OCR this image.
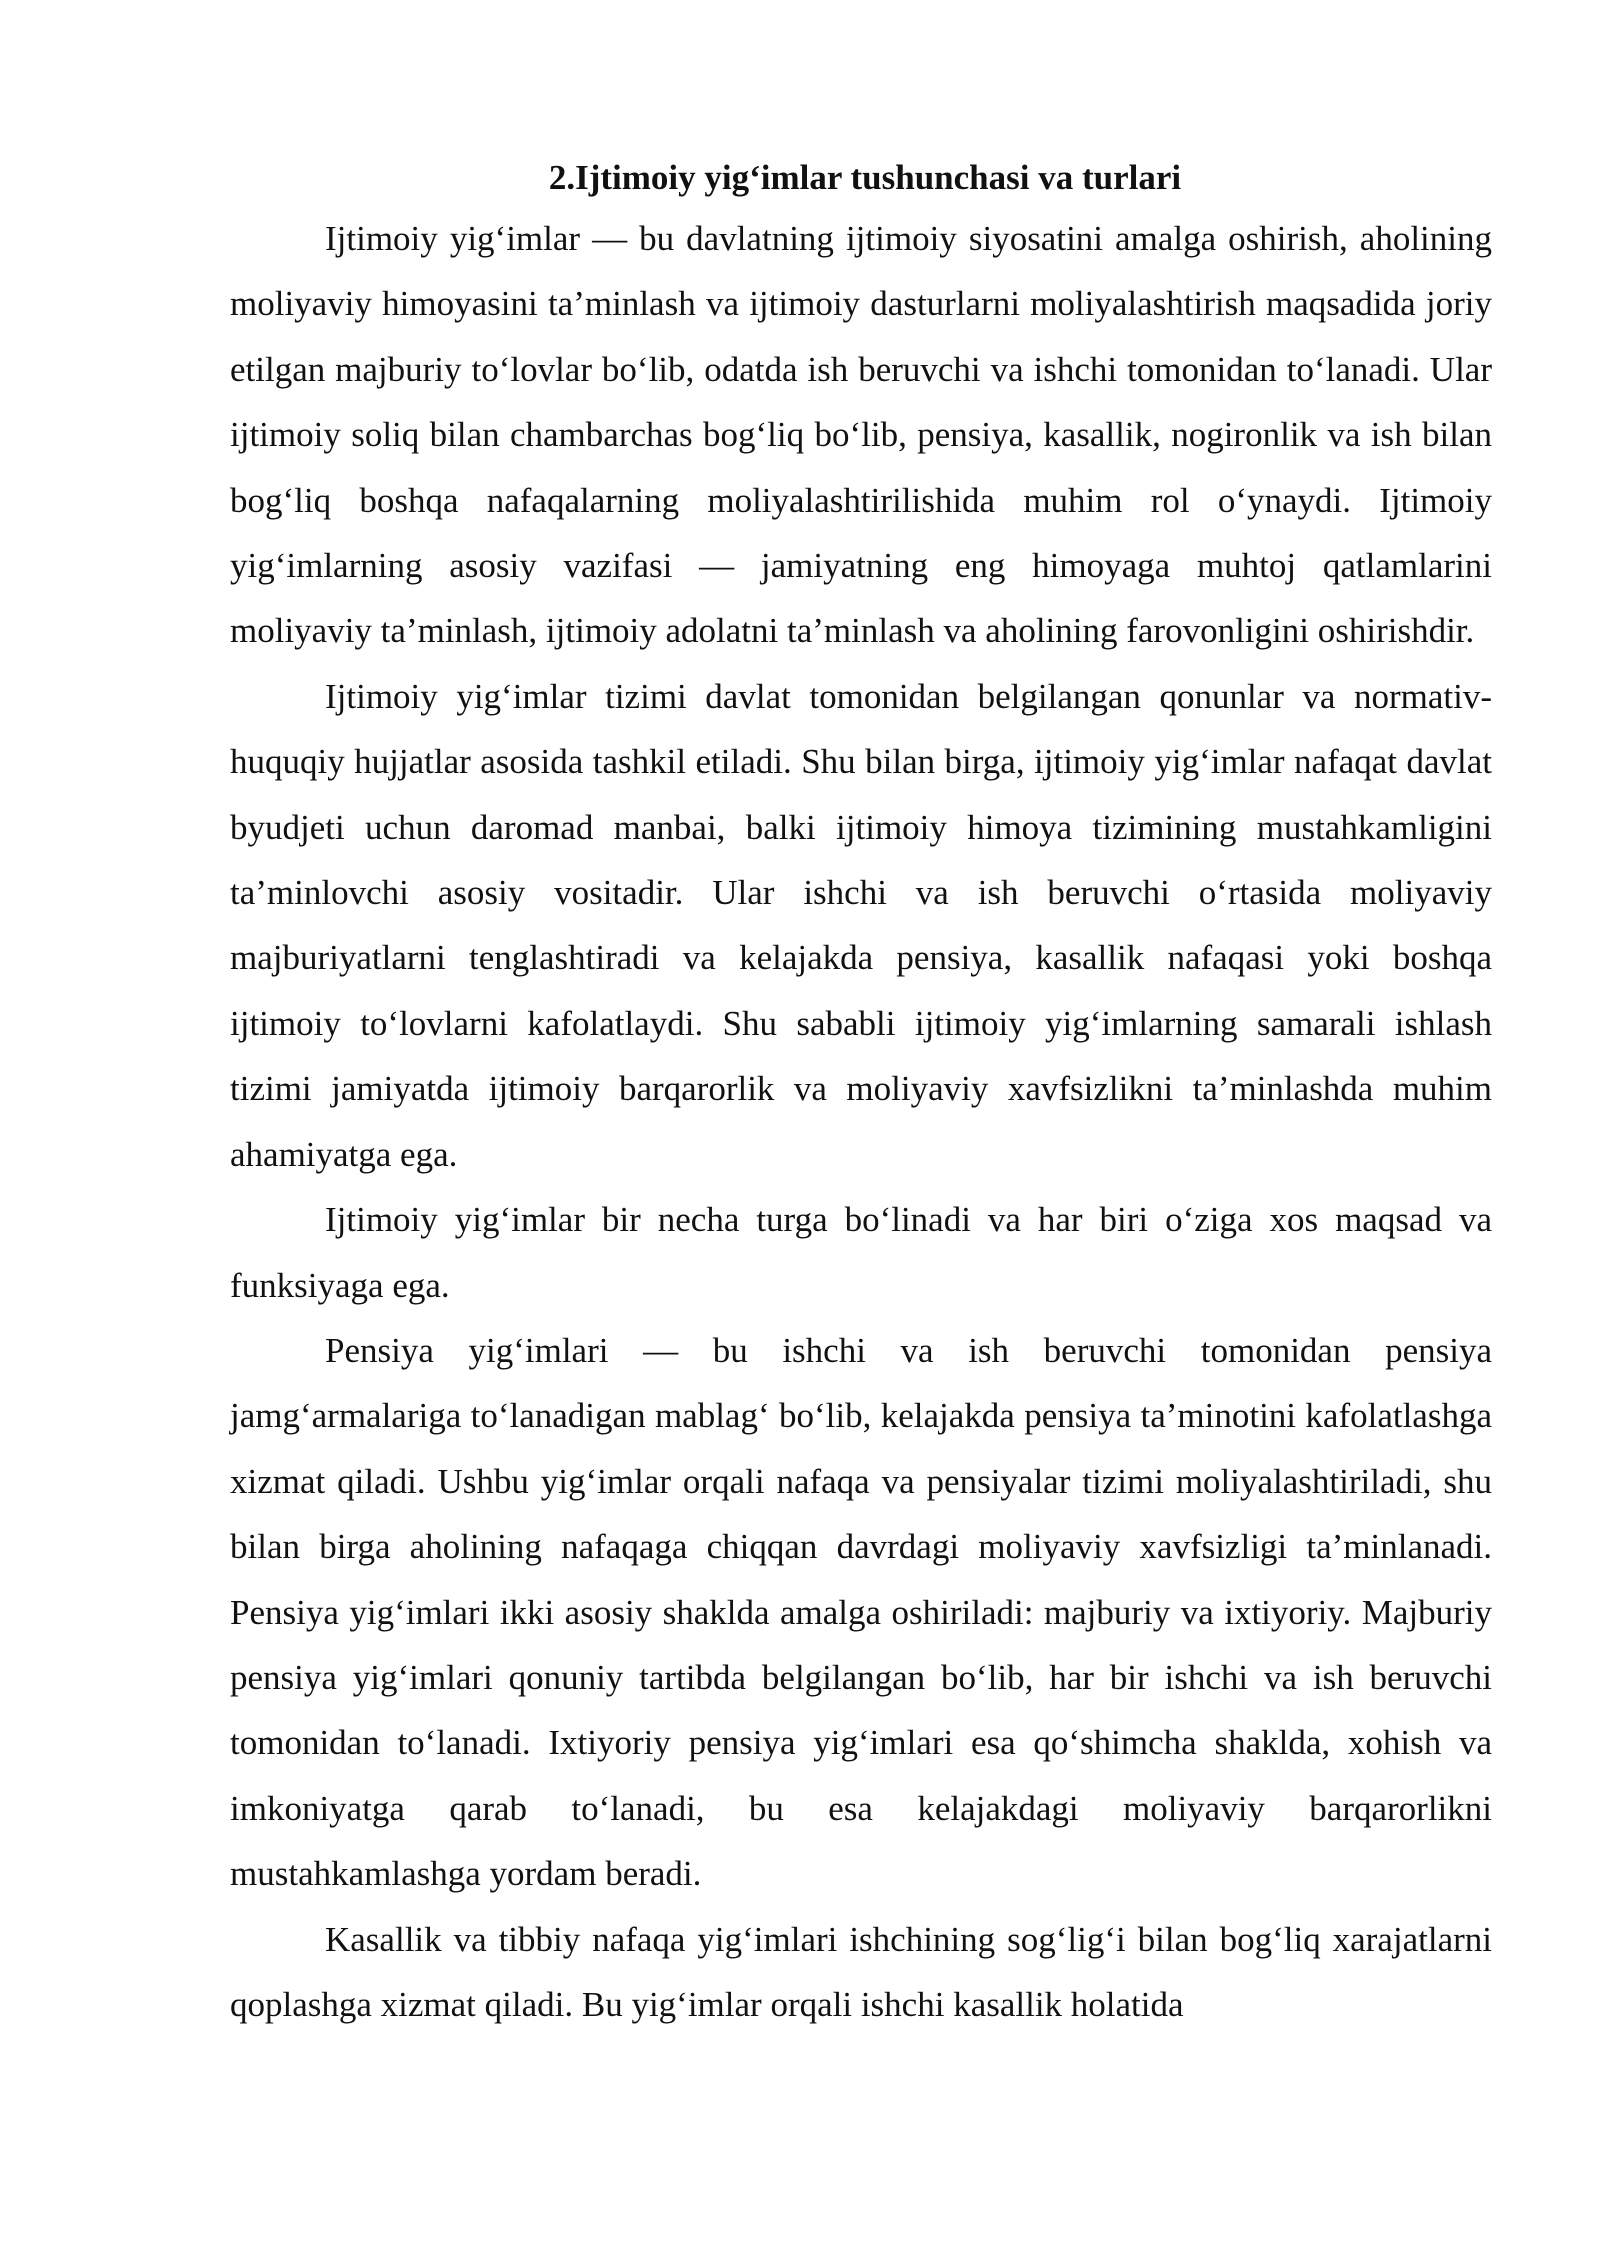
2.Ijtimoiy yig‘imlar tushunchasi va turlari

Ijtimoiy yig‘imlar — bu davlatning ijtimoiy siyosatini amalga oshirish, aholining moliyaviy himoyasini ta’minlash va ijtimoiy dasturlarni moliyalashtirish maqsadida joriy etilgan majburiy to‘lovlar bo‘lib, odatda ish beruvchi va ishchi tomonidan to‘lanadi. Ular ijtimoiy soliq bilan chambarchas bog‘liq bo‘lib, pensiya, kasallik, nogironlik va ish bilan bog‘liq boshqa nafaqalarning moliyalashtirilishida muhim rol o‘ynaydi. Ijtimoiy yig‘imlarning asosiy vazifasi — jamiyatning eng himoyaga muhtoj qatlamlarini moliyaviy ta’minlash, ijtimoiy adolatni ta’minlash va aholining farovonligini oshirishdir.

Ijtimoiy yig‘imlar tizimi davlat tomonidan belgilangan qonunlar va normativ-huquqiy hujjatlar asosida tashkil etiladi. Shu bilan birga, ijtimoiy yig‘imlar nafaqat davlat byudjeti uchun daromad manbai, balki ijtimoiy himoya tizimining mustahkamligini ta’minlovchi asosiy vositadir. Ular ishchi va ish beruvchi o‘rtasida moliyaviy majburiyatlarni tenglashtiradi va kelajakda pensiya, kasallik nafaqasi yoki boshqa ijtimoiy to‘lovlarni kafolatlaydi. Shu sababli ijtimoiy yig‘imlarning samarali ishlash tizimi jamiyatda ijtimoiy barqarorlik va moliyaviy xavfsizlikni ta’minlashda muhim ahamiyatga ega.

Ijtimoiy yig‘imlar bir necha turga bo‘linadi va har biri o‘ziga xos maqsad va funksiyaga ega.

Pensiya yig‘imlari — bu ishchi va ish beruvchi tomonidan pensiya jamg‘armalariga to‘lanadigan mablag‘ bo‘lib, kelajakda pensiya ta’minotini kafolatlashga xizmat qiladi. Ushbu yig‘imlar orqali nafaqa va pensiyalar tizimi moliyalashtiriladi, shu bilan birga aholining nafaqaga chiqqan davrdagi moliyaviy xavfsizligi ta’minlanadi. Pensiya yig‘imlari ikki asosiy shaklda amalga oshiriladi: majburiy va ixtiyoriy. Majburiy pensiya yig‘imlari qonuniy tartibda belgilangan bo‘lib, har bir ishchi va ish beruvchi tomonidan to‘lanadi. Ixtiyoriy pensiya yig‘imlari esa qo‘shimcha shaklda, xohish va imkoniyatga qarab to‘lanadi, bu esa kelajakdagi moliyaviy barqarorlikni mustahkamlashga yordam beradi.

Kasallik va tibbiy nafaqa yig‘imlari ishchining sog‘lig‘i bilan bog‘liq xarajatlarni qoplashga xizmat qiladi. Bu yig‘imlar orqali ishchi kasallik holatida
